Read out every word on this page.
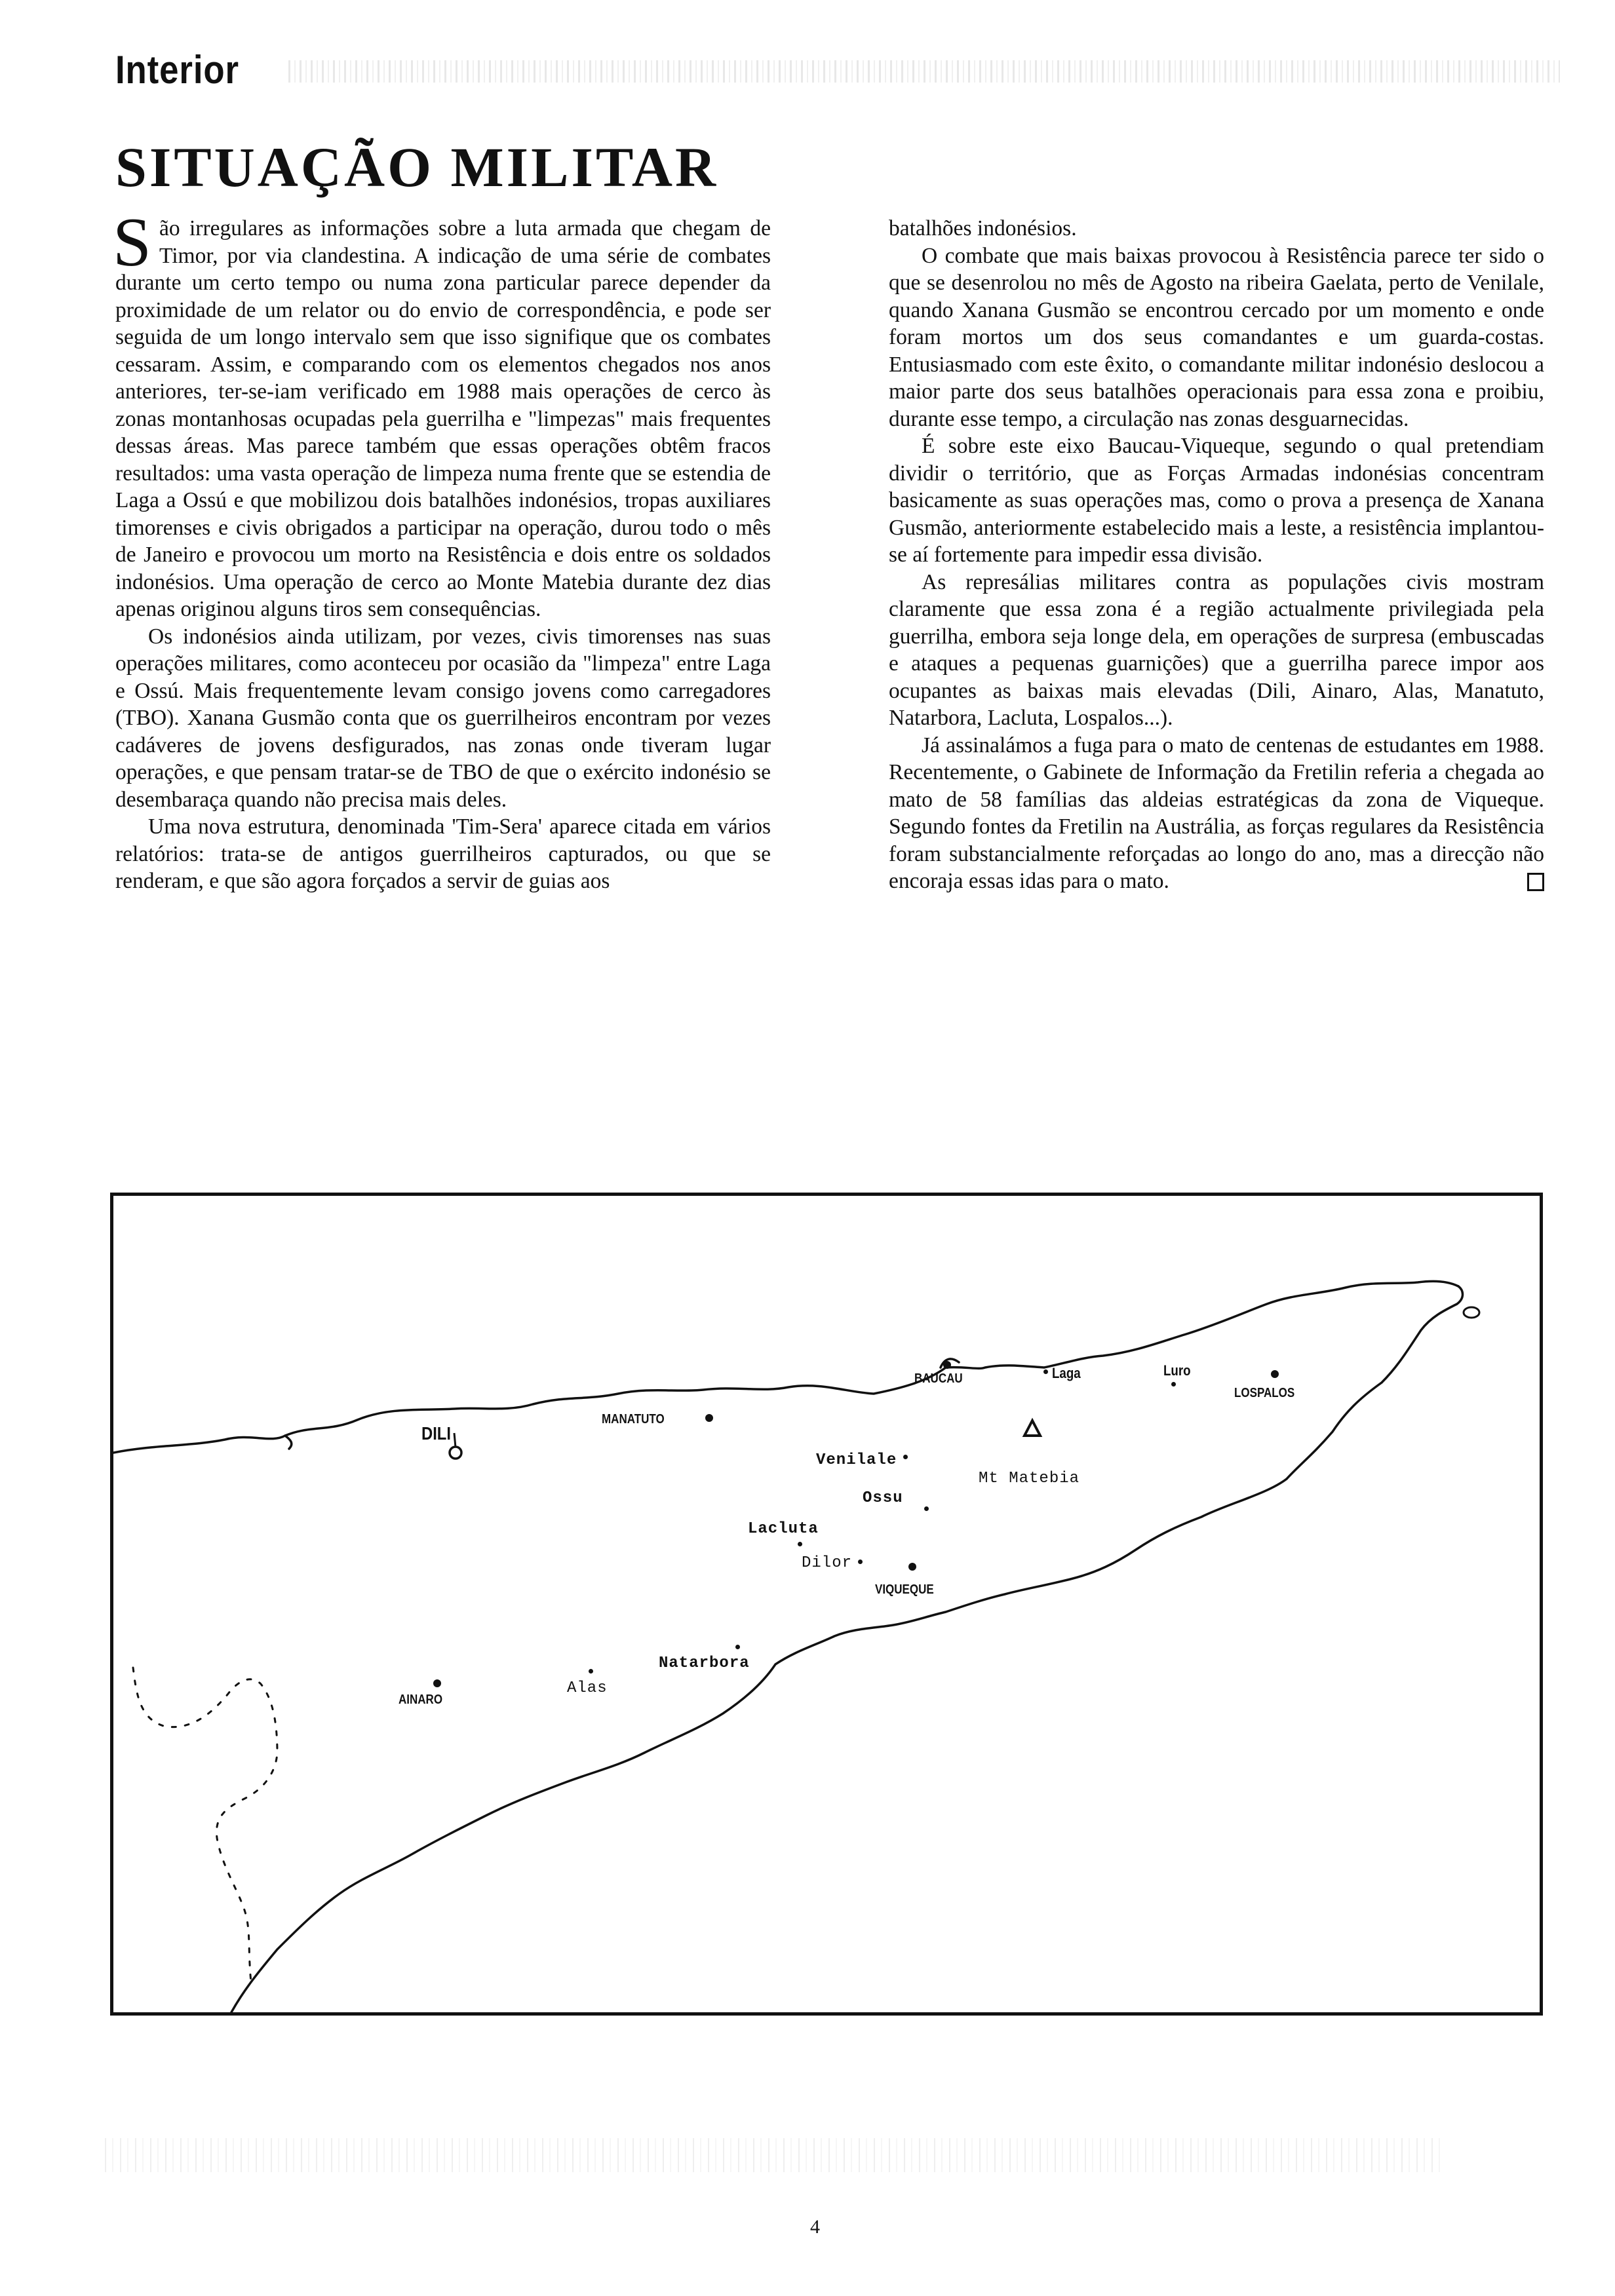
Interior
SITUAÇÃO MILITAR

São irregulares as informações sobre a luta armada que chegam de Timor, por via clandestina. A indicação de uma série de combates durante um certo tempo ou numa zona particular parece depender da proximidade de um relator ou do envio de correspondência, e pode ser seguida de um longo intervalo sem que isso signifique que os combates cessaram. Assim, e comparando com os elementos chegados nos anos anteriores, ter-se-iam verificado em 1988 mais operações de cerco às zonas montanhosas ocupadas pela guerrilha e "limpezas" mais frequentes dessas áreas. Mas parece também que essas operações obtêm fracos resultados: uma vasta operação de limpeza numa frente que se estendia de Laga a Ossú e que mobilizou dois batalhões indonésios, tropas auxiliares timorenses e civis obrigados a participar na operação, durou todo o mês de Janeiro e provocou um morto na Resistência e dois entre os soldados indonésios. Uma operação de cerco ao Monte Matebia durante dez dias apenas originou alguns tiros sem consequências.

Os indonésios ainda utilizam, por vezes, civis timorenses nas suas operações militares, como aconteceu por ocasião da "limpeza" entre Laga e Ossú. Mais frequentemente levam consigo jovens como carregadores (TBO). Xanana Gusmão conta que os guerrilheiros encontram por vezes cadáveres de jovens desfigurados, nas zonas onde tiveram lugar operações, e que pensam tratar-se de TBO de que o exército indonésio se desembaraça quando não precisa mais deles.

Uma nova estrutura, denominada 'Tim-Sera' aparece citada em vários relatórios: trata-se de antigos guerrilheiros capturados, ou que se renderam, e que são agora forçados a servir de guias aos

batalhões indonésios.

O combate que mais baixas provocou à Resistência parece ter sido o que se desenrolou no mês de Agosto na ribeira Gaelata, perto de Venilale, quando Xanana Gusmão se encontrou cercado por um momento e onde foram mortos um dos seus comandantes e um guarda-costas. Entusiasmado com este êxito, o comandante militar indonésio deslocou a maior parte dos seus batalhões operacionais para essa zona e proibiu, durante esse tempo, a circulação nas zonas desguarnecidas.

É sobre este eixo Baucau-Viqueque, segundo o qual pretendiam dividir o território, que as Forças Armadas indonésias concentram basicamente as suas operações mas, como o prova a presença de Xanana Gusmão, anteriormente estabelecido mais a leste, a resistência implantou-se aí fortemente para impedir essa divisão.

As represálias militares contra as populações civis mostram claramente que essa zona é a região actualmente privilegiada pela guerrilha, embora seja longe dela, em operações de surpresa (embuscadas e ataques a pequenas guarnições) que a guerrilha parece impor aos ocupantes as baixas mais elevadas (Dili, Ainaro, Alas, Manatuto, Natarbora, Lacluta, Lospalos...).

Já assinalámos a fuga para o mato de centenas de estudantes em 1988. Recentemente, o Gabinete de Informação da Fretilin referia a chegada ao mato de 58 famílias das aldeias estratégicas da zona de Viqueque. Segundo fontes da Fretilin na Austrália, as forças regulares da Resistência foram substancialmente reforçadas ao longo do ano, mas a direcção não encoraja essas idas para o mato.

DILI
MANATUTO
BAUCAU	Laga	Luro
LOSPALOS
Venilale
Mt Matebia
Ossu
Lacluta
Dilor
VIQUEQUE
Natarbora
Alas
AINARO
4
